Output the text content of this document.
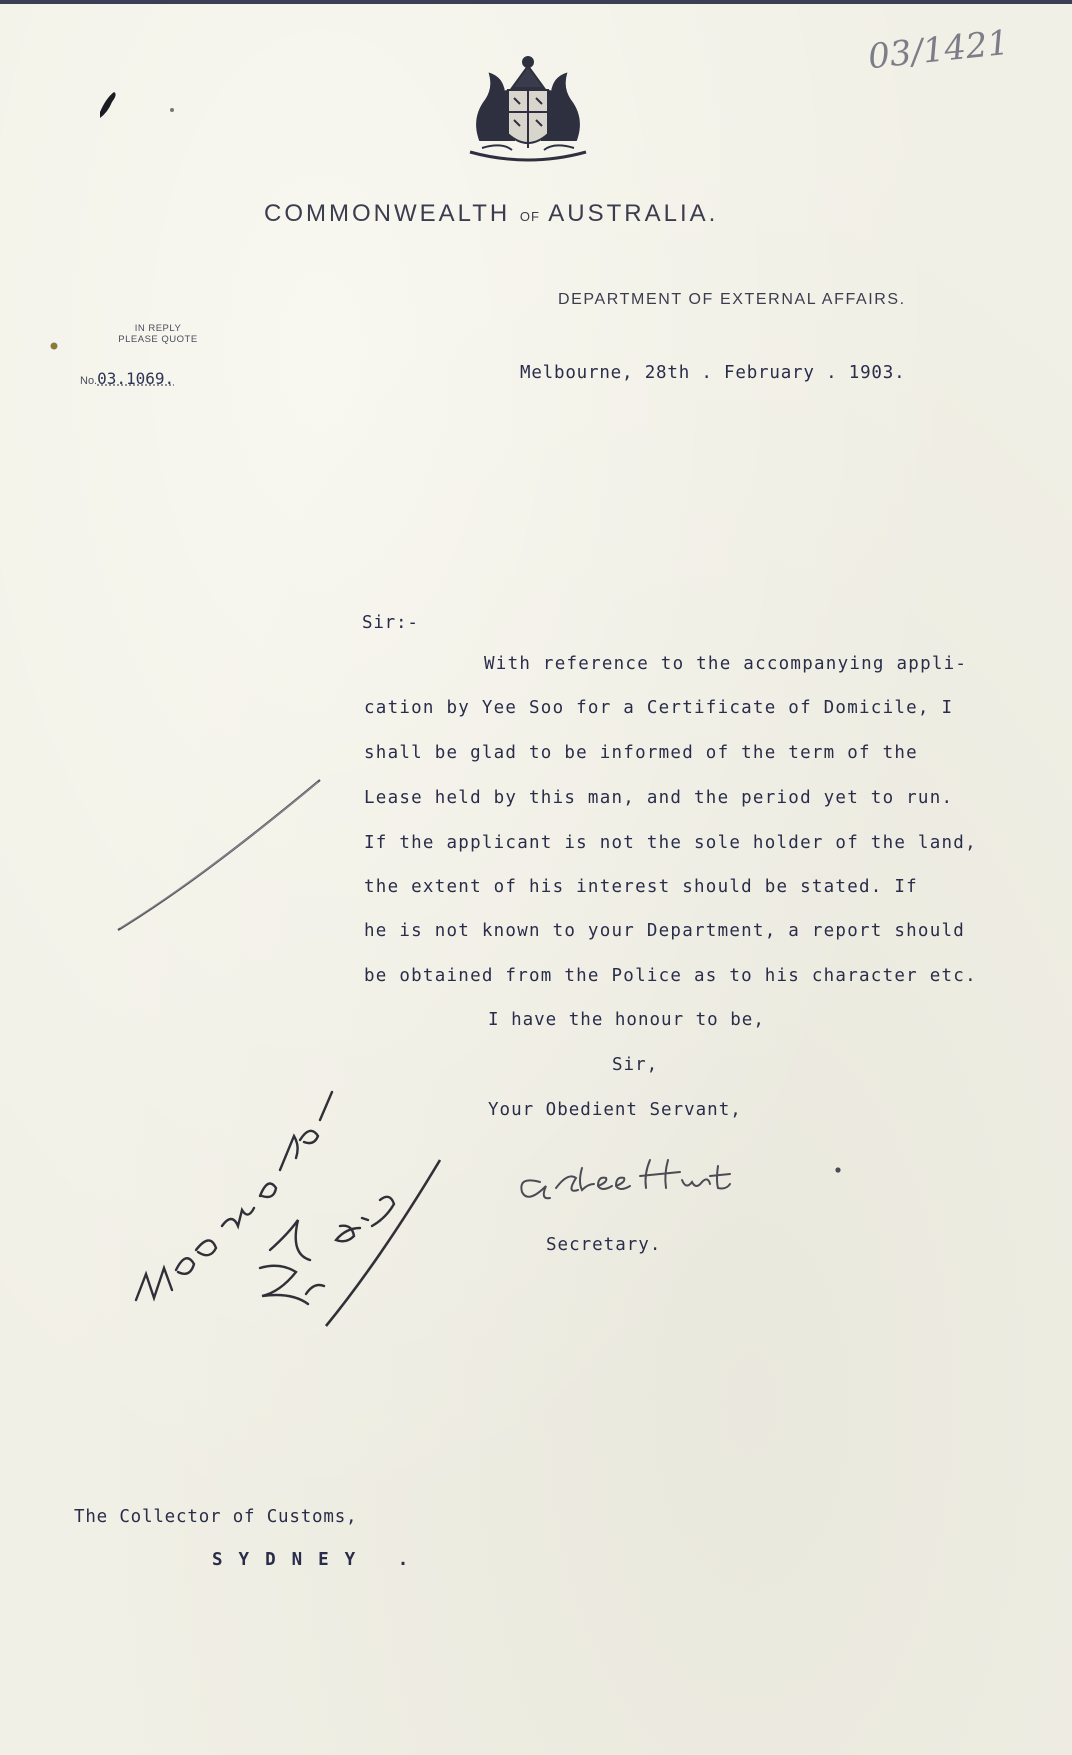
03/1421
COMMONWEALTH OF AUSTRALIA.
DEPARTMENT OF EXTERNAL AFFAIRS.
IN REPLY
PLEASE QUOTE
No.03.1069.	Melbourne, 28th . February . 1903.
Sir:-
With reference to the accompanying appli-
cation by Yee Soo for a Certificate of Domicile, I
shall be glad to be informed of the term of the
Lease held by this man, and the period yet to run.
If the applicant is not the sole holder of the land,
the extent of his interest should be stated. If
he is not known to your Department, a report should
be obtained from the Police as to his character etc.
I have the honour to be,
Sir,
Your Obedient Servant,
Secretary.
The Collector of Customs,
SYDNEY .
